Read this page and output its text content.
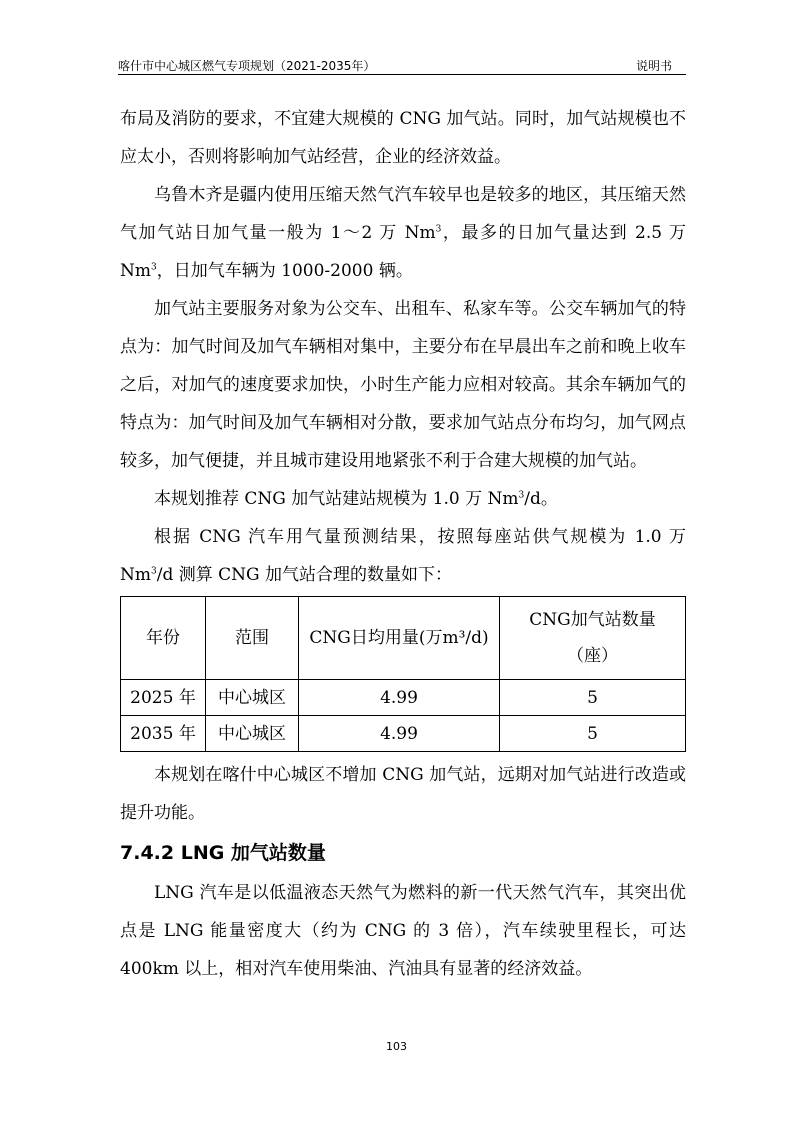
喀什市中心城区燃气专项规划（2021-2035年）	说明书

布局及消防的要求，不宜建大规模的 CNG 加气站。同时，加气站规模也不应太小，否则将影响加气站经营，企业的经济效益。

乌鲁木齐是疆内使用压缩天然气汽车较早也是较多的地区，其压缩天然气加气站日加气量一般为 1～2 万 Nm$^3$，最多的日加气量达到 2.5 万 Nm$^3$，日加气车辆为 1000-2000 辆。

加气站主要服务对象为公交车、出租车、私家车等。公交车辆加气的特点为：加气时间及加气车辆相对集中，主要分布在早晨出车之前和晚上收车之后，对加气的速度要求加快，小时生产能力应相对较高。其余车辆加气的特点为：加气时间及加气车辆相对分散，要求加气站点分布均匀，加气网点较多，加气便捷，并且城市建设用地紧张不利于合建大规模的加气站。

本规划推荐 CNG 加气站建站规模为 1.0 万 Nm$^3$/d。

根据 CNG 汽车用气量预测结果，按照每座站供气规模为 1.0 万 Nm$^3$/d 测算 CNG 加气站合理的数量如下：

年份	范围	CNG日均用量(万m³/d)	CNG加气站数量
（座）

2025 年	中心城区	4.99	5
2035 年	中心城区	4.99	5

本规划在喀什中心城区不增加 CNG 加气站，远期对加气站进行改造或提升功能。

7.4.2 LNG 加气站数量

LNG 汽车是以低温液态天然气为燃料的新一代天然气汽车，其突出优点是 LNG 能量密度大（约为 CNG 的 3 倍），汽车续驶里程长，可达 400km 以上，相对汽车使用柴油、汽油具有显著的经济效益。

103
